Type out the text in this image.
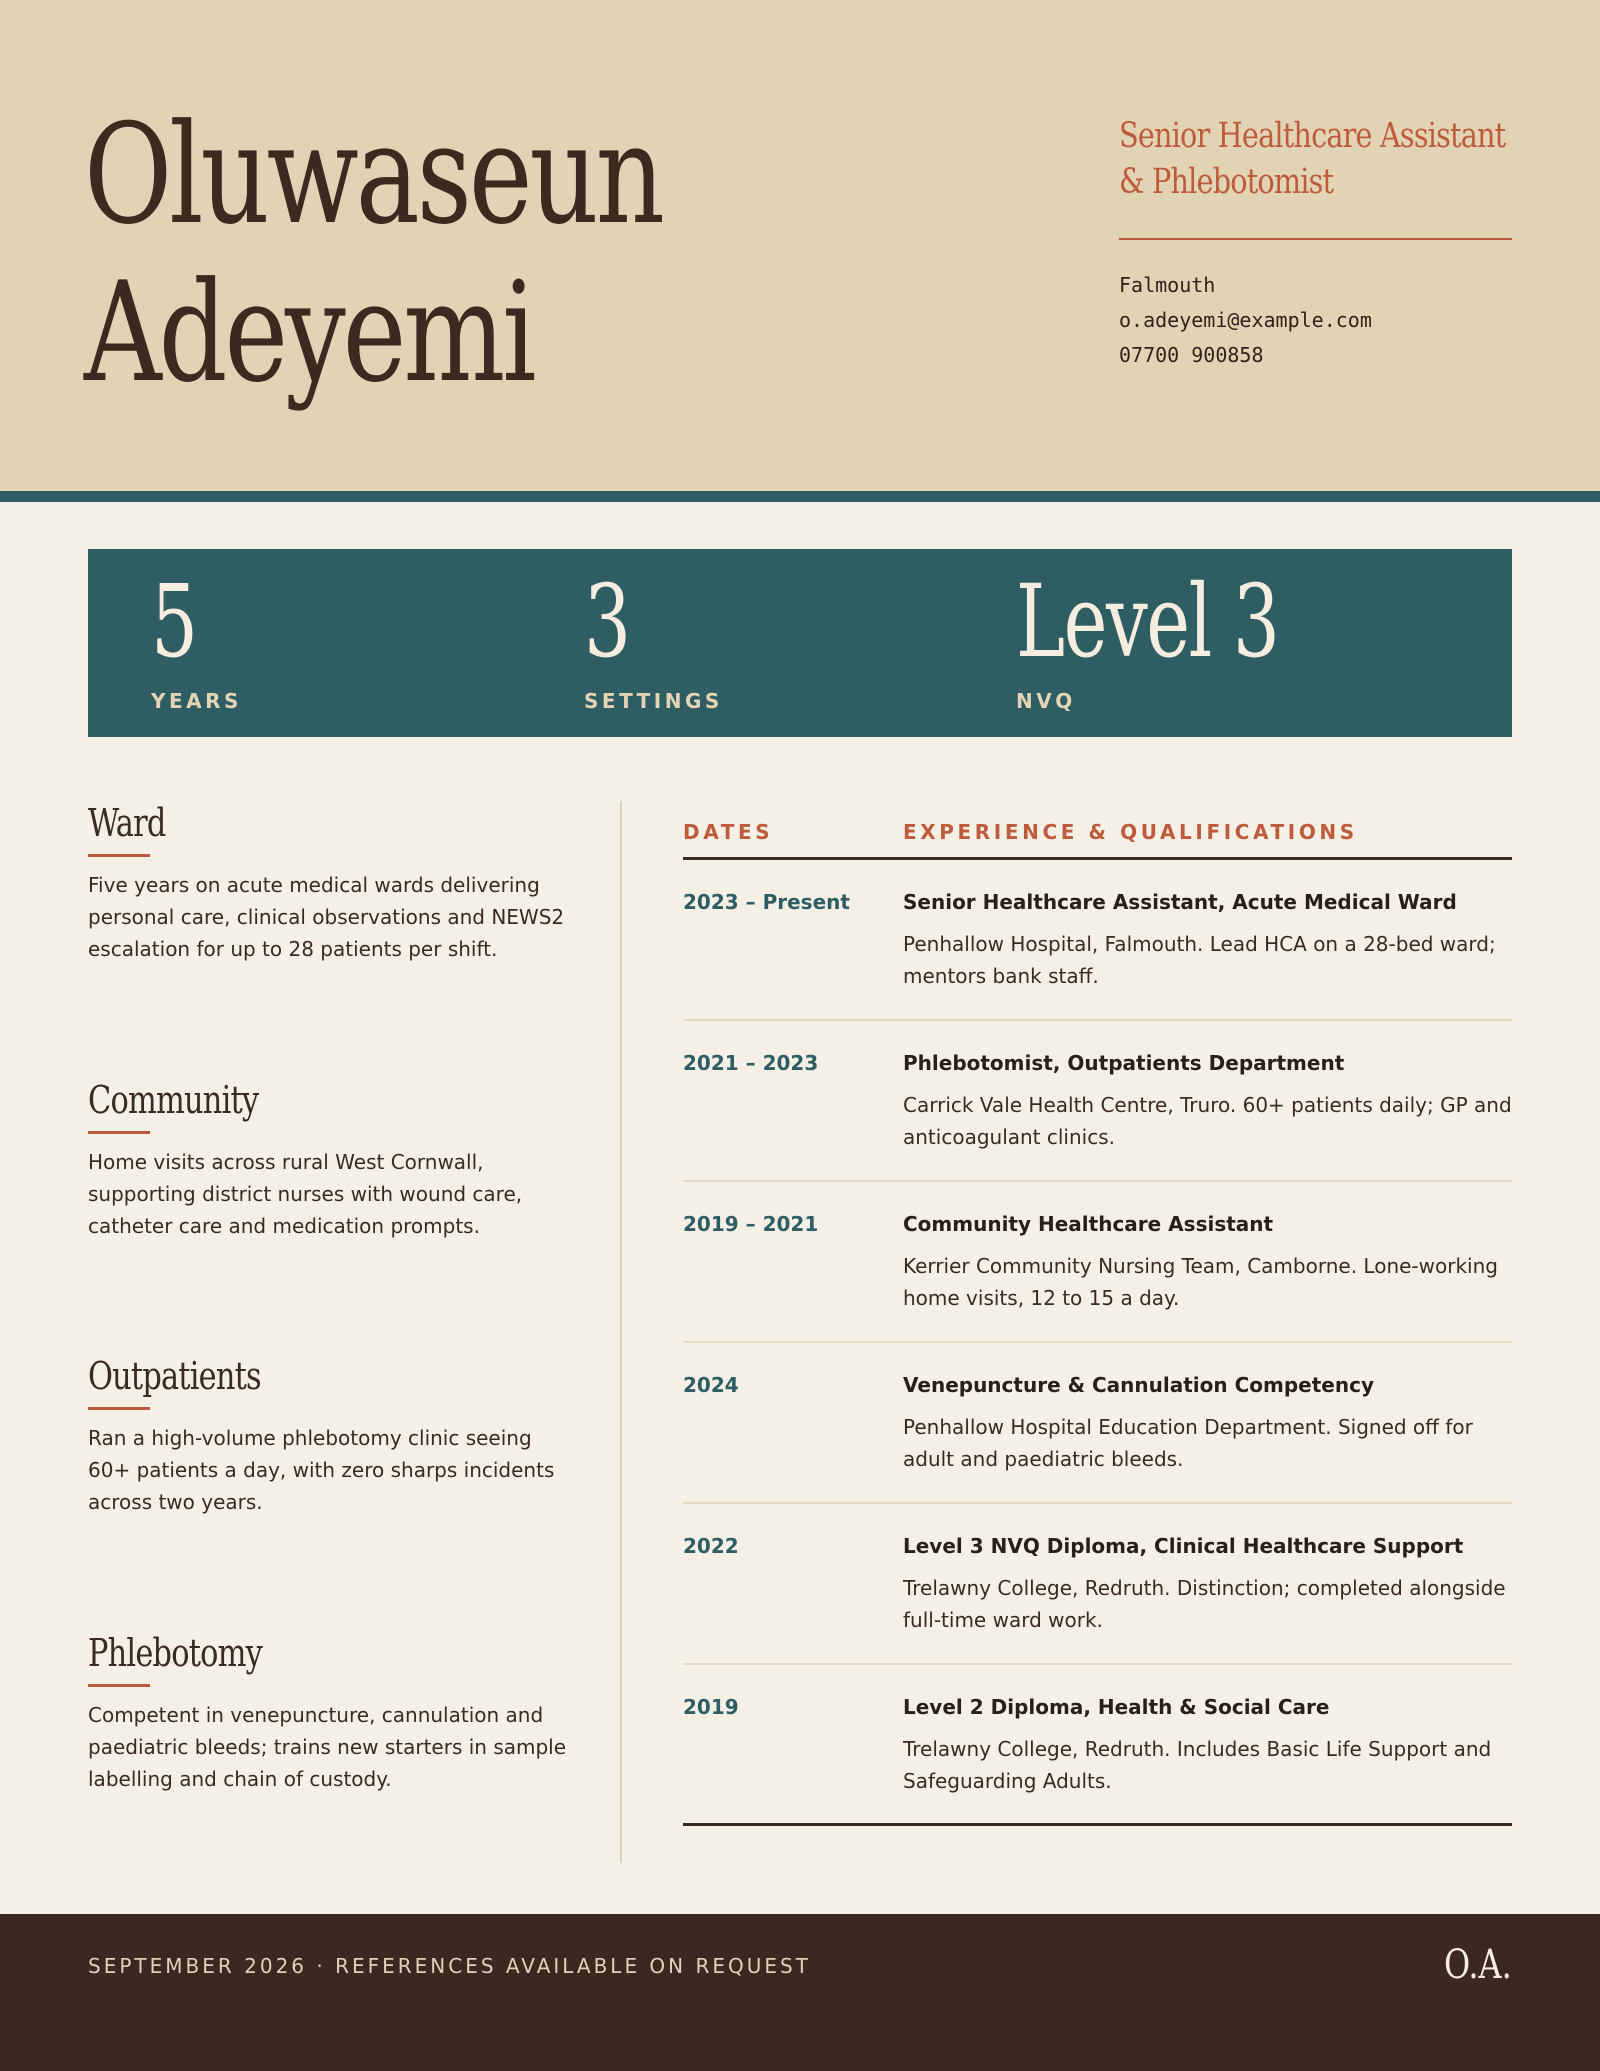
Oluwaseun
Adeyemi
Senior Healthcare Assistant
& Phlebotomist
Falmouth
o.adeyemi@example.com
07700 900858
5
YEARS
3
SETTINGS
Level 3
NVQ
Ward
Five years on acute medical wards delivering personal care, clinical observations and NEWS2 escalation for up to 28 patients per shift.
Community
Home visits across rural West Cornwall, supporting district nurses with wound care, catheter care and medication prompts.
Outpatients
Ran a high-volume phlebotomy clinic seeing 60+ patients a day, with zero sharps incidents across two years.
Phlebotomy
Competent in venepuncture, cannulation and paediatric bleeds; trains new starters in sample labelling and chain of custody.
DATES	EXPERIENCE & QUALIFICATIONS
2023 – Present	Senior Healthcare Assistant, Acute Medical Ward
Penhallow Hospital, Falmouth. Lead HCA on a 28-bed ward; mentors bank staff.
2021 – 2023	Phlebotomist, Outpatients Department
Carrick Vale Health Centre, Truro. 60+ patients daily; GP and anticoagulant clinics.
2019 – 2021	Community Healthcare Assistant
Kerrier Community Nursing Team, Camborne. Lone-working home visits, 12 to 15 a day.
2024	Venepuncture & Cannulation Competency
Penhallow Hospital Education Department. Signed off for adult and paediatric bleeds.
2022	Level 3 NVQ Diploma, Clinical Healthcare Support
Trelawny College, Redruth. Distinction; completed alongside full-time ward work.
2019	Level 2 Diploma, Health & Social Care
Trelawny College, Redruth. Includes Basic Life Support and Safeguarding Adults.
SEPTEMBER 2026 · REFERENCES AVAILABLE ON REQUEST	O.A.
